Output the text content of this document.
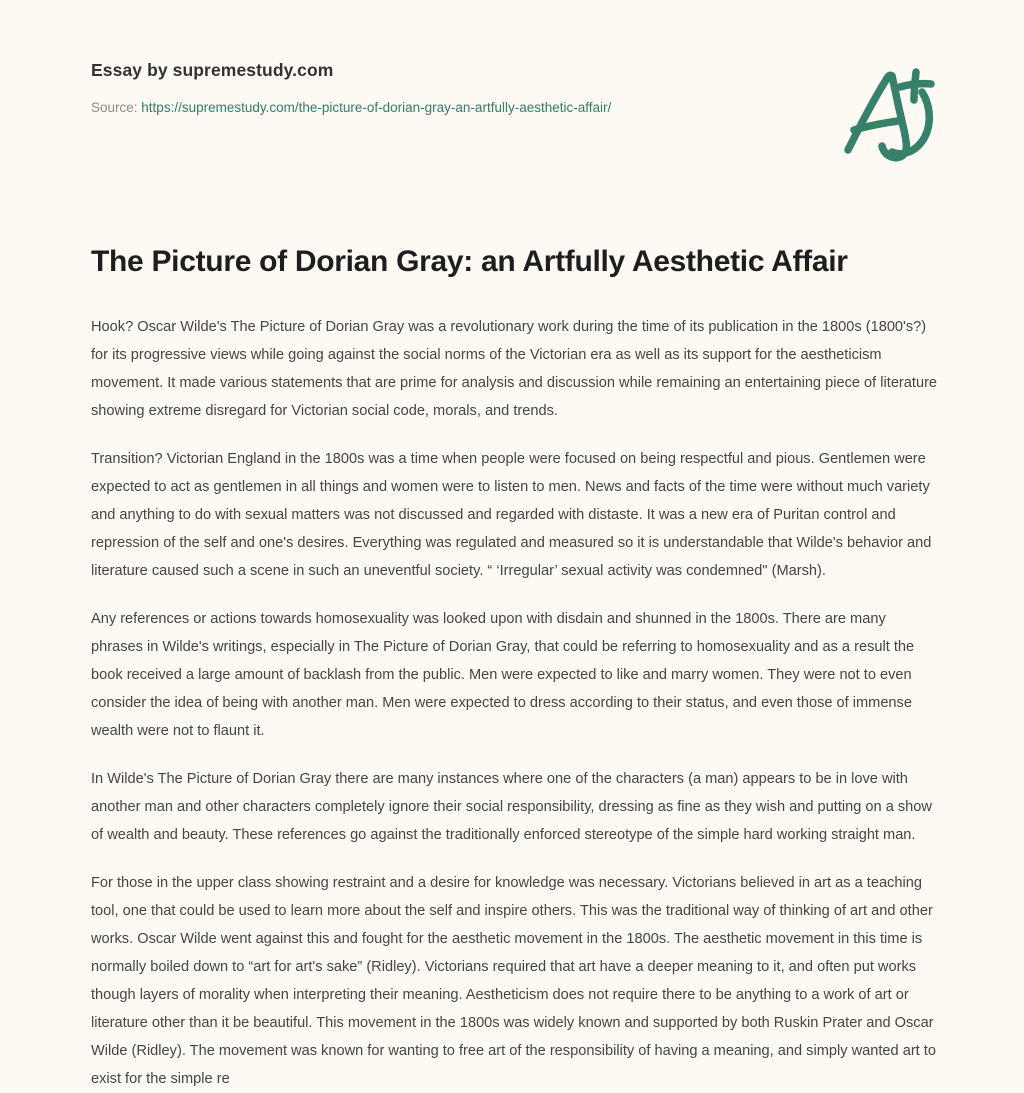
Essay by supremestudy.com
Source: https://supremestudy.com/the-picture-of-dorian-gray-an-artfully-aesthetic-affair/
The Picture of Dorian Gray: an Artfully Aesthetic Affair

Hook? Oscar Wilde's The Picture of Dorian Gray was a revolutionary work during the time of its publication in the 1800s (1800's?) for its progressive views while going against the social norms of the Victorian era as well as its support for the aestheticism movement. It made various statements that are prime for analysis and discussion while remaining an entertaining piece of literature showing extreme disregard for Victorian social code, morals, and trends.

Transition? Victorian England in the 1800s was a time when people were focused on being respectful and pious. Gentlemen were expected to act as gentlemen in all things and women were to listen to men. News and facts of the time were without much variety and anything to do with sexual matters was not discussed and regarded with distaste. It was a new era of Puritan control and repression of the self and one's desires. Everything was regulated and measured so it is understandable that Wilde's behavior and literature caused such a scene in such an uneventful society. “ ‘Irregular’ sexual activity was condemned" (Marsh).

Any references or actions towards homosexuality was looked upon with disdain and shunned in the 1800s. There are many phrases in Wilde's writings, especially in The Picture of Dorian Gray, that could be referring to homosexuality and as a result the book received a large amount of backlash from the public. Men were expected to like and marry women. They were not to even consider the idea of being with another man. Men were expected to dress according to their status, and even those of immense wealth were not to flaunt it.

In Wilde's The Picture of Dorian Gray there are many instances where one of the characters (a man) appears to be in love with another man and other characters completely ignore their social responsibility, dressing as fine as they wish and putting on a show of wealth and beauty. These references go against the traditionally enforced stereotype of the simple hard working straight man.

For those in the upper class showing restraint and a desire for knowledge was necessary. Victorians believed in art as a teaching tool, one that could be used to learn more about the self and inspire others. This was the traditional way of thinking of art and other works. Oscar Wilde went against this and fought for the aesthetic movement in the 1800s. The aesthetic movement in this time is normally boiled down to “art for art's sake” (Ridley). Victorians required that art have a deeper meaning to it, and often put works though layers of morality when interpreting their meaning. Aestheticism does not require there to be anything to a work of art or literature other than it be beautiful. This movement in the 1800s was widely known and supported by both Ruskin Prater and Oscar Wilde (Ridley). The movement was known for wanting to free art of the responsibility of having a meaning, and simply wanted art to exist for the simple re
